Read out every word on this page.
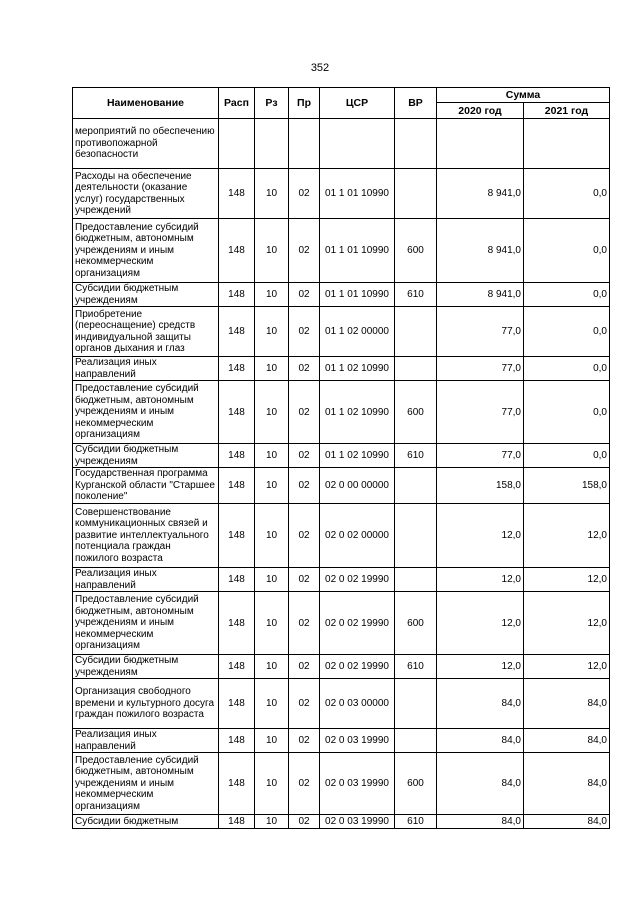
352
Наименование	Расп	Рз	Пр	ЦСР	ВР	Сумма	
						2020 год	2021 год
мероприятий по обеспечению противопожарной безопасности							
Расходы на обеспечение деятельности (оказание услуг) государственных учреждений	148	10	02	01 1 01 10990		8 941,0	0,0
Предоставление субсидий бюджетным, автономным учреждениям и иным некоммерческим организациям	148	10	02	01 1 01 10990	600	8 941,0	0,0
Субсидии бюджетным учреждениям	148	10	02	01 1 01 10990	610	8 941,0	0,0
Приобретение (переоснащение) средств индивидуальной защиты органов дыхания и глаз	148	10	02	01 1 02 00000		77,0	0,0
Реализация иных направлений	148	10	02	01 1 02 10990		77,0	0,0
Предоставление субсидий бюджетным, автономным учреждениям и иным некоммерческим организациям	148	10	02	01 1 02 10990	600	77,0	0,0
Субсидии бюджетным учреждениям	148	10	02	01 1 02 10990	610	77,0	0,0
Государственная программа Курганской области "Старшее поколение"	148	10	02	02 0 00 00000		158,0	158,0
Совершенствование коммуникационных связей и развитие интеллектуального потенциала граждан пожилого возраста	148	10	02	02 0 02 00000		12,0	12,0
Реализация иных направлений	148	10	02	02 0 02 19990		12,0	12,0
Предоставление субсидий бюджетным, автономным учреждениям и иным некоммерческим организациям	148	10	02	02 0 02 19990	600	12,0	12,0
Субсидии бюджетным учреждениям	148	10	02	02 0 02 19990	610	12,0	12,0
Организация свободного времени и культурного досуга граждан пожилого возраста	148	10	02	02 0 03 00000		84,0	84,0
Реализация иных направлений	148	10	02	02 0 03 19990		84,0	84,0
Предоставление субсидий бюджетным, автономным учреждениям и иным некоммерческим организациям	148	10	02	02 0 03 19990	600	84,0	84,0
Субсидии бюджетным	148	10	02	02 0 03 19990	610	84,0	84,0
